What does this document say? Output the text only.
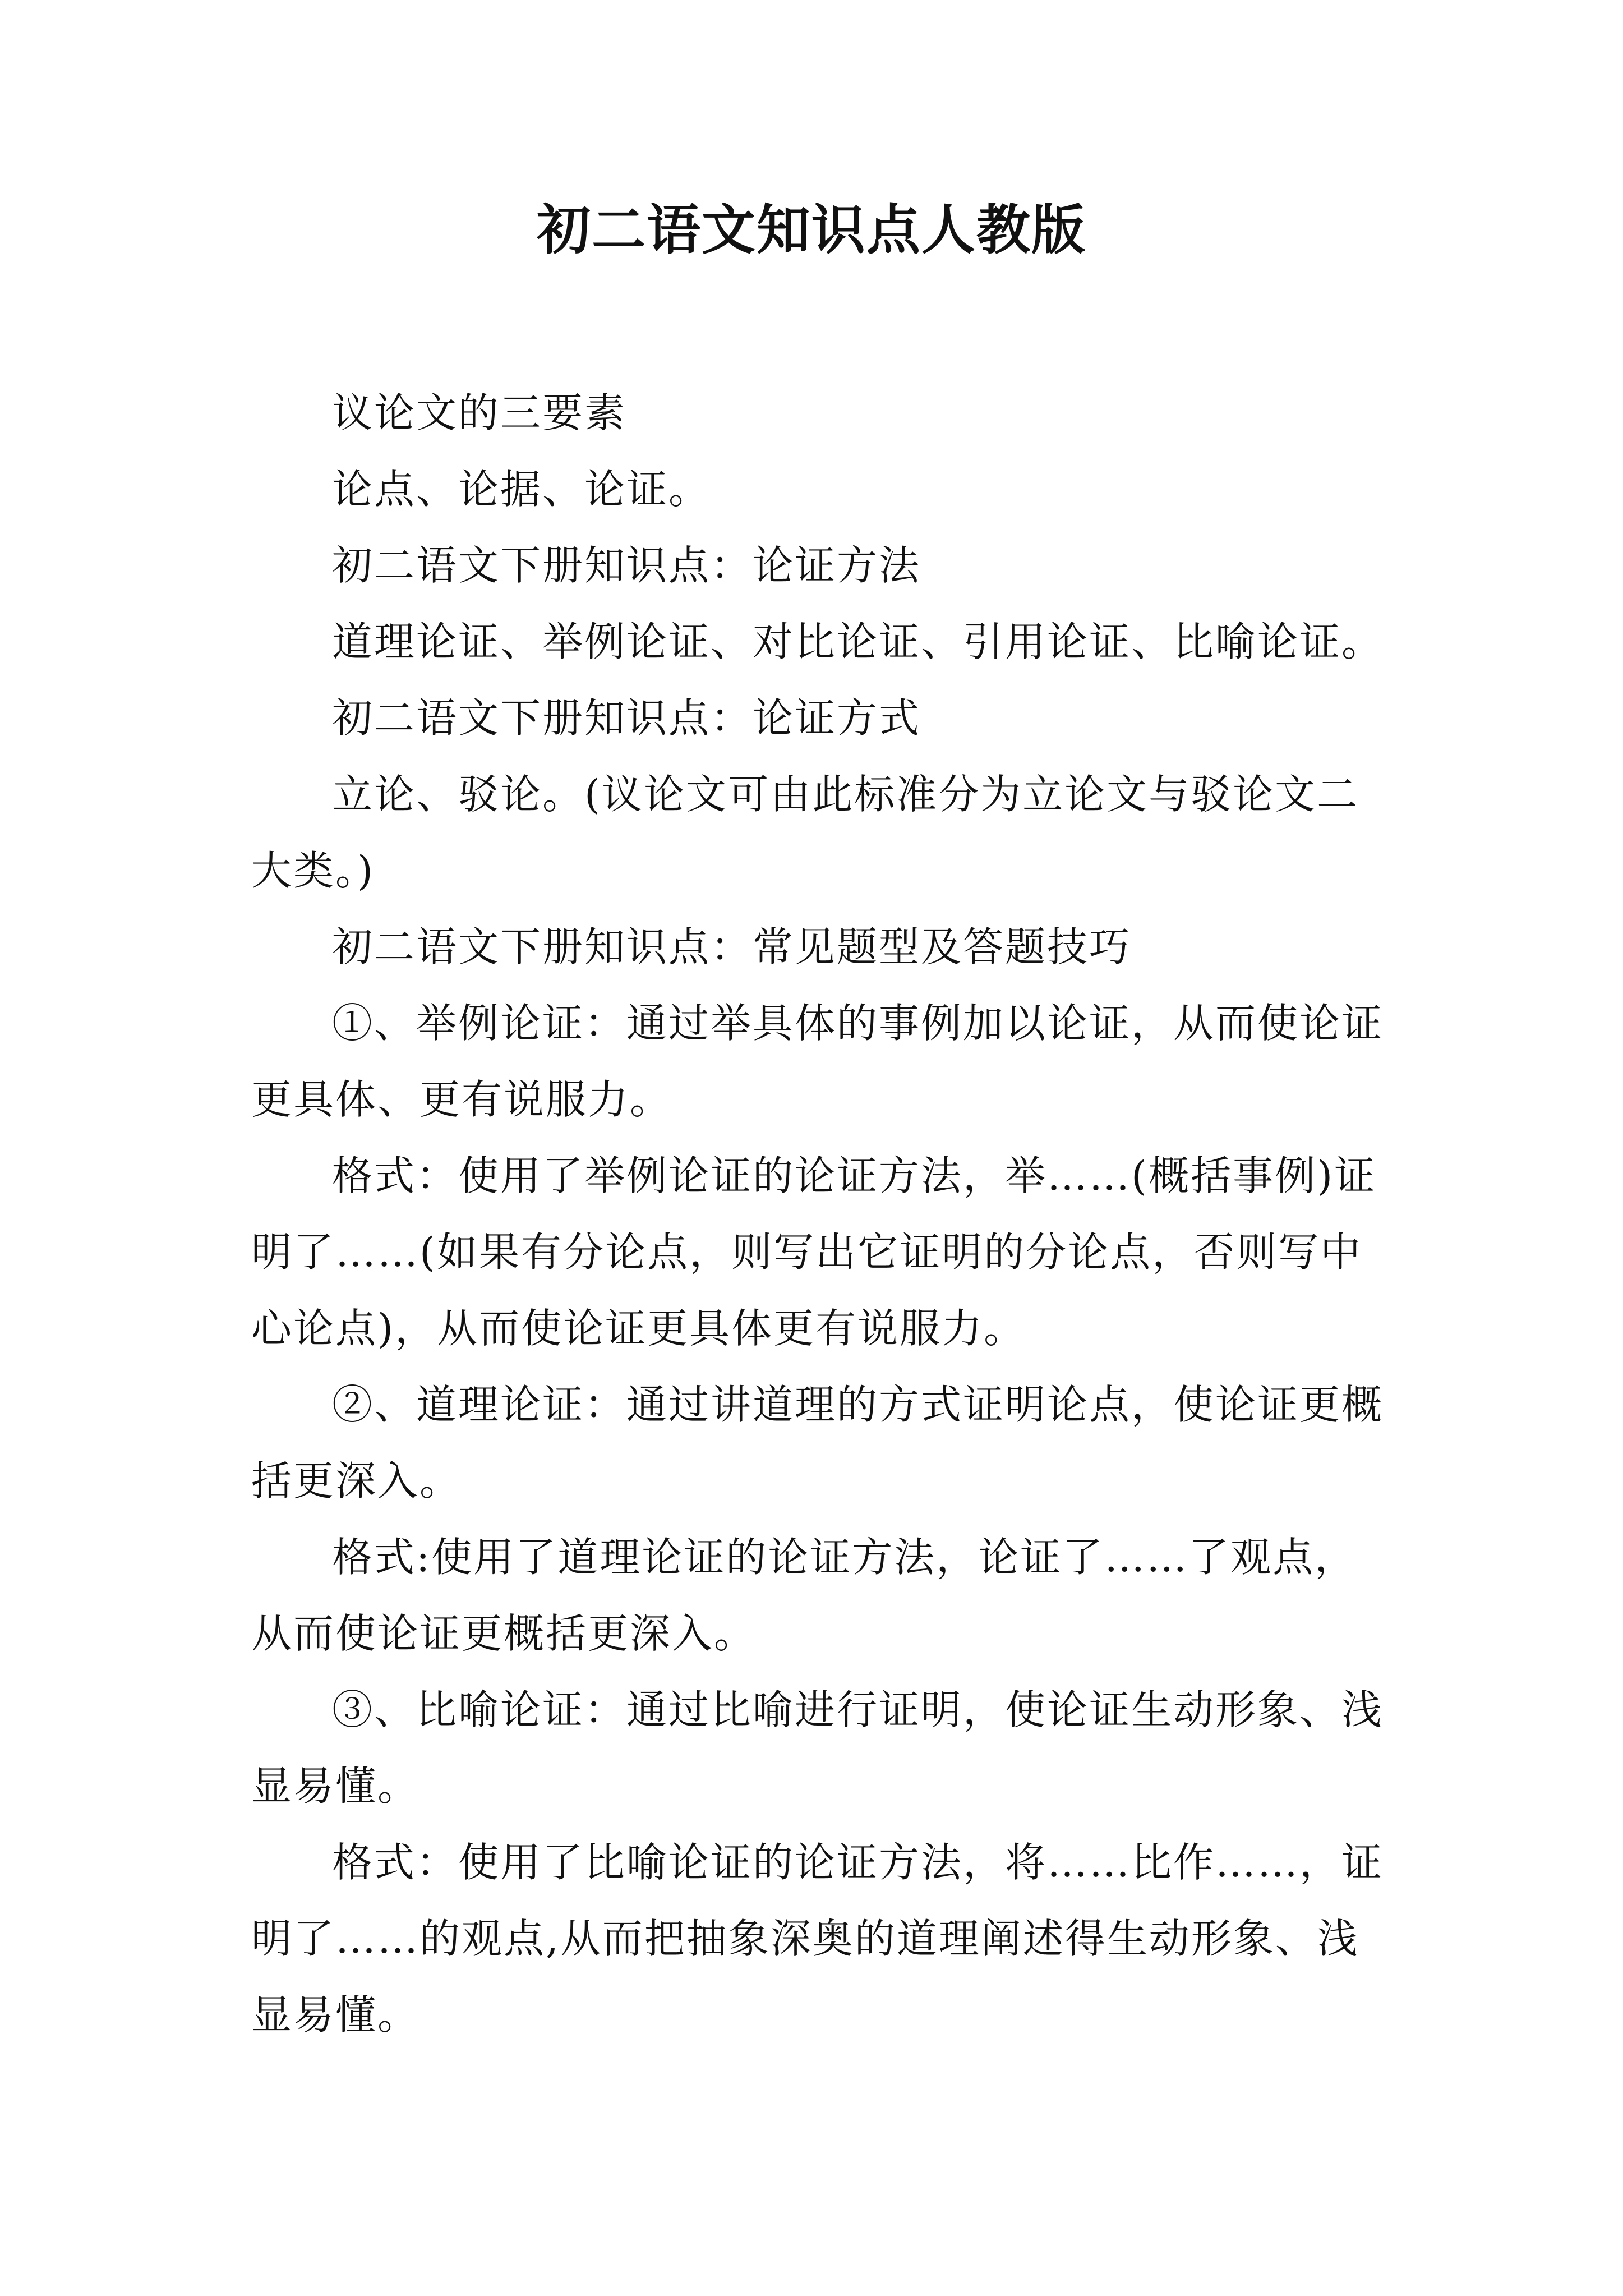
初二语文知识点人教版

议论文的三要素

论点、论据、论证。

初二语文下册知识点：论证方法

道理论证、举例论证、对比论证、引用论证、比喻论证。

初二语文下册知识点：论证方式

立论、驳论。(议论文可由此标准分为立论文与驳论文二大类。)

初二语文下册知识点：常见题型及答题技巧

①、举例论证：通过举具体的事例加以论证，从而使论证更具体、更有说服力。

格式：使用了举例论证的论证方法，举……(概括事例)证明了……(如果有分论点，则写出它证明的分论点，否则写中心论点)，从而使论证更具体更有说服力。

②、道理论证：通过讲道理的方式证明论点，使论证更概括更深入。

格式:使用了道理论证的论证方法，论证了……了观点，从而使论证更概括更深入。

③、比喻论证：通过比喻进行证明，使论证生动形象、浅显易懂。

格式：使用了比喻论证的论证方法，将……比作……，证明了……的观点,从而把抽象深奥的道理阐述得生动形象、浅显易懂。
